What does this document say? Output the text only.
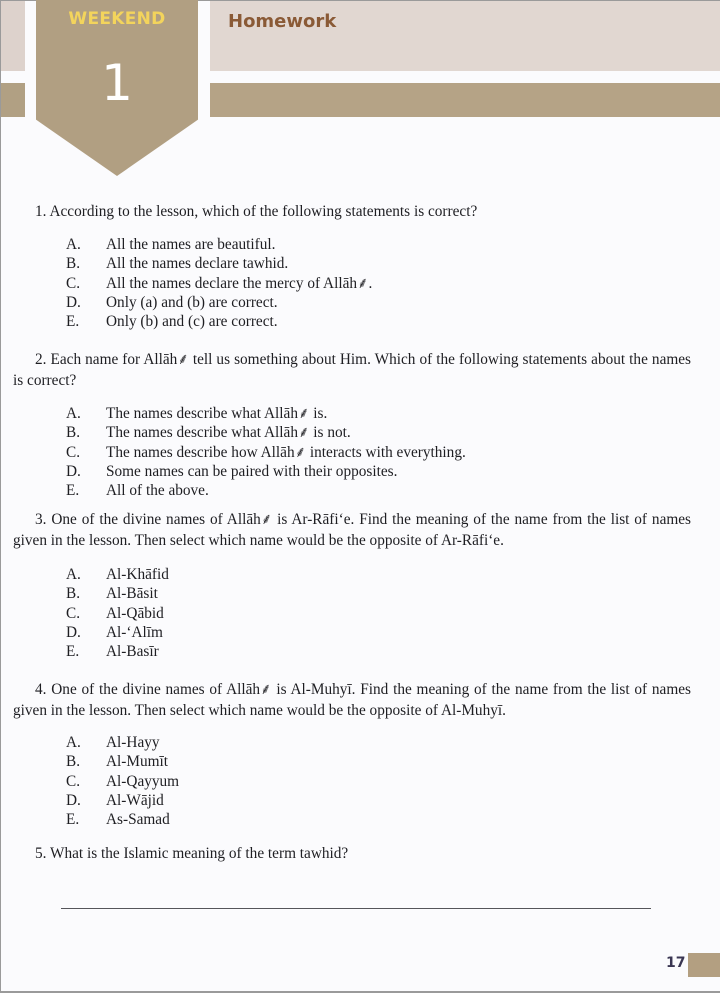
WEEKEND
1
Homework
1. According to the lesson, which of the following statements is correct?
A.	All the names are beautiful.
B.	All the names declare tawhid.
C.	All the names declare the mercy of Allāh⸙.
D.	Only (a) and (b) are correct.
E.	Only (b) and (c) are correct.
2. Each name for Allāh⸙ tell us something about Him. Which of the following statements about the names is correct?
A.	The names describe what Allāh⸙ is.
B.	The names describe what Allāh⸙ is not.
C.	The names describe how Allāh⸙ interacts with everything.
D.	Some names can be paired with their opposites.
E.	All of the above.
3. One of the divine names of Allāh⸙ is Ar-Rāfi‘e. Find the meaning of the name from the list of names given in the lesson. Then select which name would be the opposite of Ar-Rāfi‘e.
A.	Al-Khāfid
B.	Al-Bāsit
C.	Al-Qābid
D.	Al-‘Alīm
E.	Al-Basīr
4. One of the divine names of Allāh⸙ is Al-Muhyī. Find the meaning of the name from the list of names given in the lesson. Then select which name would be the opposite of Al-Muhyī.
A.	Al-Hayy
B.	Al-Mumīt
C.	Al-Qayyum
D.	Al-Wājid
E.	As-Samad
5. What is the Islamic meaning of the term tawhid?
17
